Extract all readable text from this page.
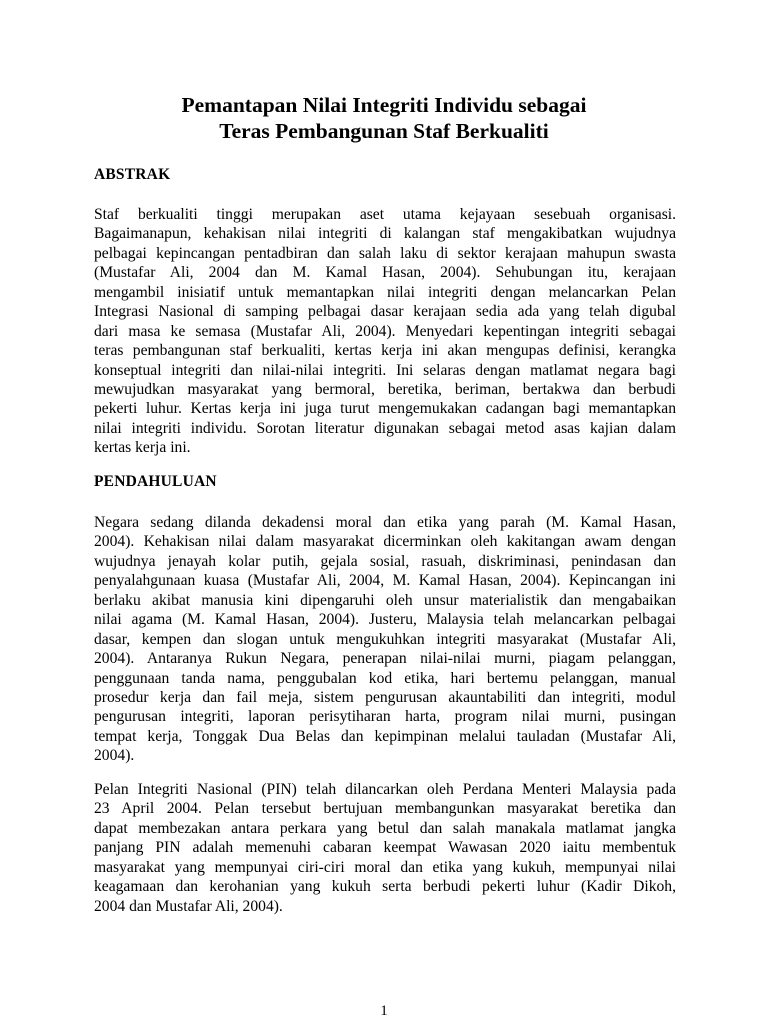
Pemantapan Nilai Integriti Individu sebagai
Teras Pembangunan Staf Berkualiti
ABSTRAK
Staf berkualiti tinggi merupakan aset utama kejayaan sesebuah organisasi.
Bagaimanapun, kehakisan nilai integriti di kalangan staf mengakibatkan wujudnya
pelbagai kepincangan pentadbiran dan salah laku di sektor kerajaan mahupun swasta
(Mustafar Ali, 2004 dan M. Kamal Hasan, 2004). Sehubungan itu, kerajaan
mengambil inisiatif untuk memantapkan nilai integriti dengan melancarkan Pelan
Integrasi Nasional di samping pelbagai dasar kerajaan sedia ada yang telah digubal
dari masa ke semasa (Mustafar Ali, 2004). Menyedari kepentingan integriti sebagai
teras pembangunan staf berkualiti, kertas kerja ini akan mengupas definisi, kerangka
konseptual integriti dan nilai-nilai integriti. Ini selaras dengan matlamat negara bagi
mewujudkan masyarakat yang bermoral, beretika, beriman, bertakwa dan berbudi
pekerti luhur. Kertas kerja ini juga turut mengemukakan cadangan bagi memantapkan
nilai integriti individu. Sorotan literatur digunakan sebagai metod asas kajian dalam
kertas kerja ini.
PENDAHULUAN
Negara sedang dilanda dekadensi moral dan etika yang parah (M. Kamal Hasan,
2004). Kehakisan nilai dalam masyarakat dicerminkan oleh kakitangan awam dengan
wujudnya jenayah kolar putih, gejala sosial, rasuah, diskriminasi, penindasan dan
penyalahgunaan kuasa (Mustafar Ali, 2004, M. Kamal Hasan, 2004). Kepincangan ini
berlaku akibat manusia kini dipengaruhi oleh unsur materialistik dan mengabaikan
nilai agama (M. Kamal Hasan, 2004). Justeru, Malaysia telah melancarkan pelbagai
dasar, kempen dan slogan untuk mengukuhkan integriti masyarakat (Mustafar Ali,
2004). Antaranya Rukun Negara, penerapan nilai-nilai murni, piagam pelanggan,
penggunaan tanda nama, penggubalan kod etika, hari bertemu pelanggan, manual
prosedur kerja dan fail meja, sistem pengurusan akauntabiliti dan integriti, modul
pengurusan integriti, laporan perisytiharan harta, program nilai murni, pusingan
tempat kerja, Tonggak Dua Belas dan kepimpinan melalui tauladan (Mustafar Ali,
2004).
Pelan Integriti Nasional (PIN) telah dilancarkan oleh Perdana Menteri Malaysia pada
23 April 2004. Pelan tersebut bertujuan membangunkan masyarakat beretika dan
dapat membezakan antara perkara yang betul dan salah manakala matlamat jangka
panjang PIN adalah memenuhi cabaran keempat Wawasan 2020 iaitu membentuk
masyarakat yang mempunyai ciri-ciri moral dan etika yang kukuh, mempunyai nilai
keagamaan dan kerohanian yang kukuh serta berbudi pekerti luhur (Kadir Dikoh,
2004 dan Mustafar Ali, 2004).
1
